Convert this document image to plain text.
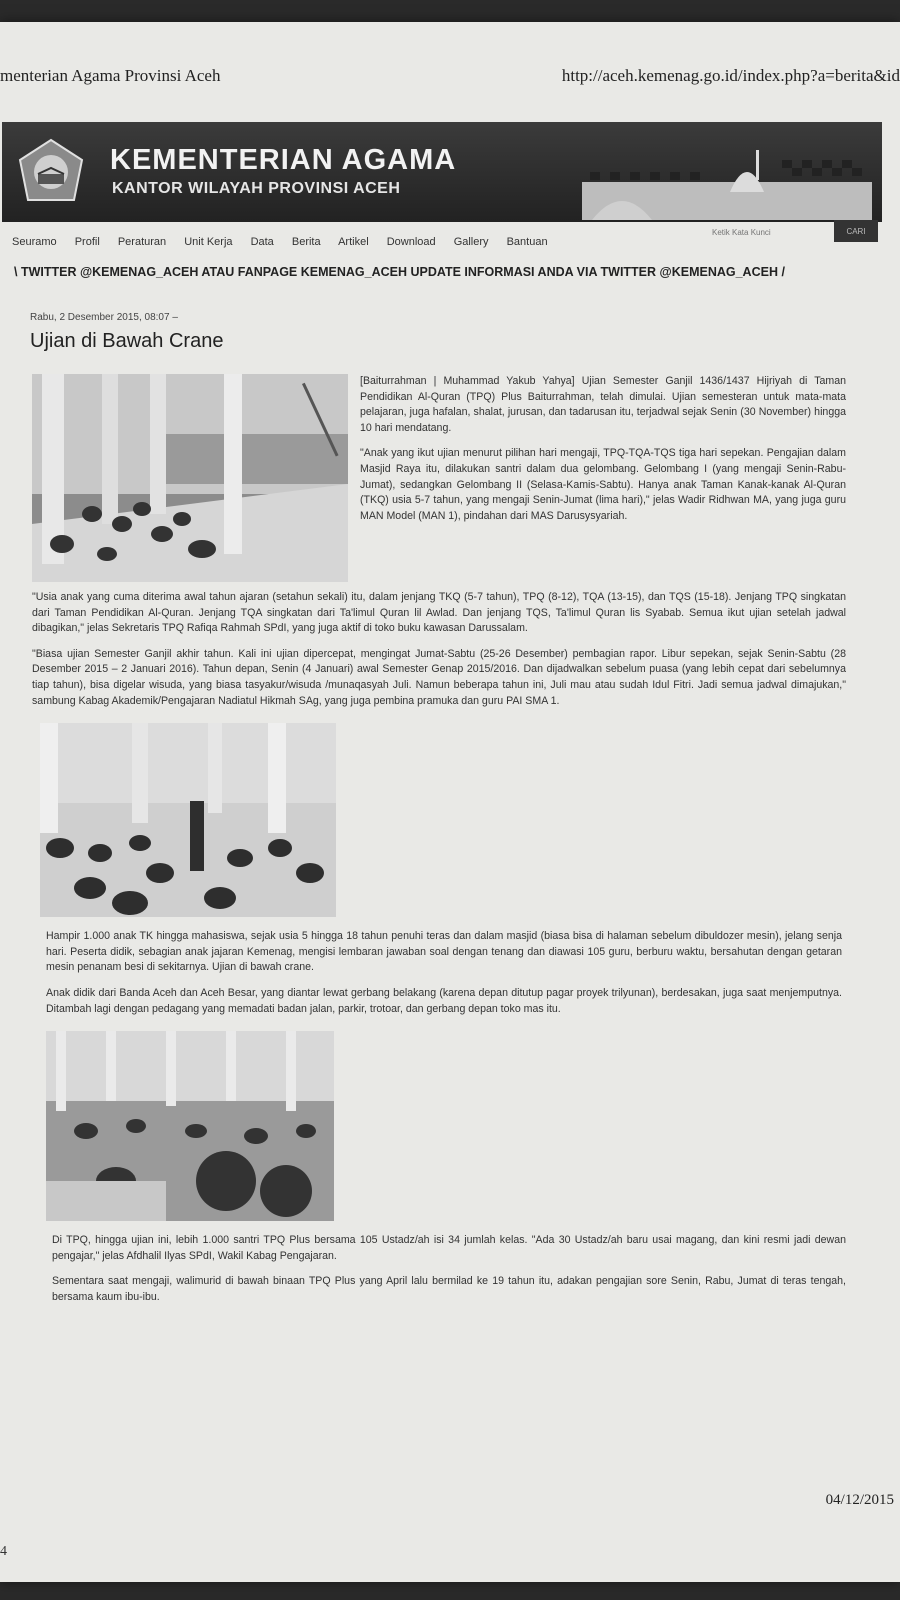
menterian Agama Provinsi Aceh	http://aceh.kemenag.go.id/index.php?a=berita&id
KEMENTERIAN AGAMA
KANTOR WILAYAH PROVINSI ACEH
Ketik Kata Kunci
CARI
Seuramo Profil Peraturan Unit Kerja Data Berita Artikel Download Gallery Bantuan
\ TWITTER @KEMENAG_ACEH ATAU FANPAGE KEMENAG_ACEH UPDATE INFORMASI ANDA VIA TWITTER @KEMENAG_ACEH /
Rabu, 2 Desember 2015, 08:07 –
Ujian di Bawah Crane

[Baiturrahman | Muhammad Yakub Yahya] Ujian Semester Ganjil 1436/1437 Hijriyah di Taman Pendidikan Al-Quran (TPQ) Plus Baiturrahman, telah dimulai. Ujian semesteran untuk mata-mata pelajaran, juga hafalan, shalat, jurusan, dan tadarusan itu, terjadwal sejak Senin (30 November) hingga 10 hari mendatang.

"Anak yang ikut ujian menurut pilihan hari mengaji, TPQ-TQA-TQS tiga hari sepekan. Pengajian dalam Masjid Raya itu, dilakukan santri dalam dua gelombang. Gelombang I (yang mengaji Senin-Rabu-Jumat), sedangkan Gelombang II (Selasa-Kamis-Sabtu). Hanya anak Taman Kanak-kanak Al-Quran (TKQ) usia 5-7 tahun, yang mengaji Senin-Jumat (lima hari)," jelas Wadir Ridhwan MA, yang juga guru MAN Model (MAN 1), pindahan dari MAS Darusysyariah.

"Usia anak yang cuma diterima awal tahun ajaran (setahun sekali) itu, dalam jenjang TKQ (5-7 tahun), TPQ (8-12), TQA (13-15), dan TQS (15-18). Jenjang TPQ singkatan dari Taman Pendidikan Al-Quran. Jenjang TQA singkatan dari Ta'limul Quran lil Awlad. Dan jenjang TQS, Ta'limul Quran lis Syabab. Semua ikut ujian setelah jadwal dibagikan," jelas Sekretaris TPQ Rafiqa Rahmah SPdI, yang juga aktif di toko buku kawasan Darussalam.

"Biasa ujian Semester Ganjil akhir tahun. Kali ini ujian dipercepat, mengingat Jumat-Sabtu (25-26 Desember) pembagian rapor. Libur sepekan, sejak Senin-Sabtu (28 Desember 2015 – 2 Januari 2016). Tahun depan, Senin (4 Januari) awal Semester Genap 2015/2016. Dan dijadwalkan sebelum puasa (yang lebih cepat dari sebelumnya tiap tahun), bisa digelar wisuda, yang biasa tasyakur/wisuda /munaqasyah Juli. Namun beberapa tahun ini, Juli mau atau sudah Idul Fitri. Jadi semua jadwal dimajukan," sambung Kabag Akademik/Pengajaran Nadiatul Hikmah SAg, yang juga pembina pramuka dan guru PAI SMA 1.

Hampir 1.000 anak TK hingga mahasiswa, sejak usia 5 hingga 18 tahun penuhi teras dan dalam masjid (biasa bisa di halaman sebelum dibuldozer mesin), jelang senja hari. Peserta didik, sebagian anak jajaran Kemenag, mengisi lembaran jawaban soal dengan tenang dan diawasi 105 guru, berburu waktu, bersahutan dengan getaran mesin penanam besi di sekitarnya. Ujian di bawah crane.

Anak didik dari Banda Aceh dan Aceh Besar, yang diantar lewat gerbang belakang (karena depan ditutup pagar proyek trilyunan), berdesakan, juga saat menjemputnya. Ditambah lagi dengan pedagang yang memadati badan jalan, parkir, trotoar, dan gerbang depan toko mas itu.

Di TPQ, hingga ujian ini, lebih 1.000 santri TPQ Plus bersama 105 Ustadz/ah isi 34 jumlah kelas. "Ada 30 Ustadz/ah baru usai magang, dan kini resmi jadi dewan pengajar," jelas Afdhalil Ilyas SPdI, Wakil Kabag Pengajaran.

Sementara saat mengaji, walimurid di bawah binaan TPQ Plus yang April lalu bermilad ke 19 tahun itu, adakan pengajian sore Senin, Rabu, Jumat di teras tengah, bersama kaum ibu-ibu.

04/12/2015
4
